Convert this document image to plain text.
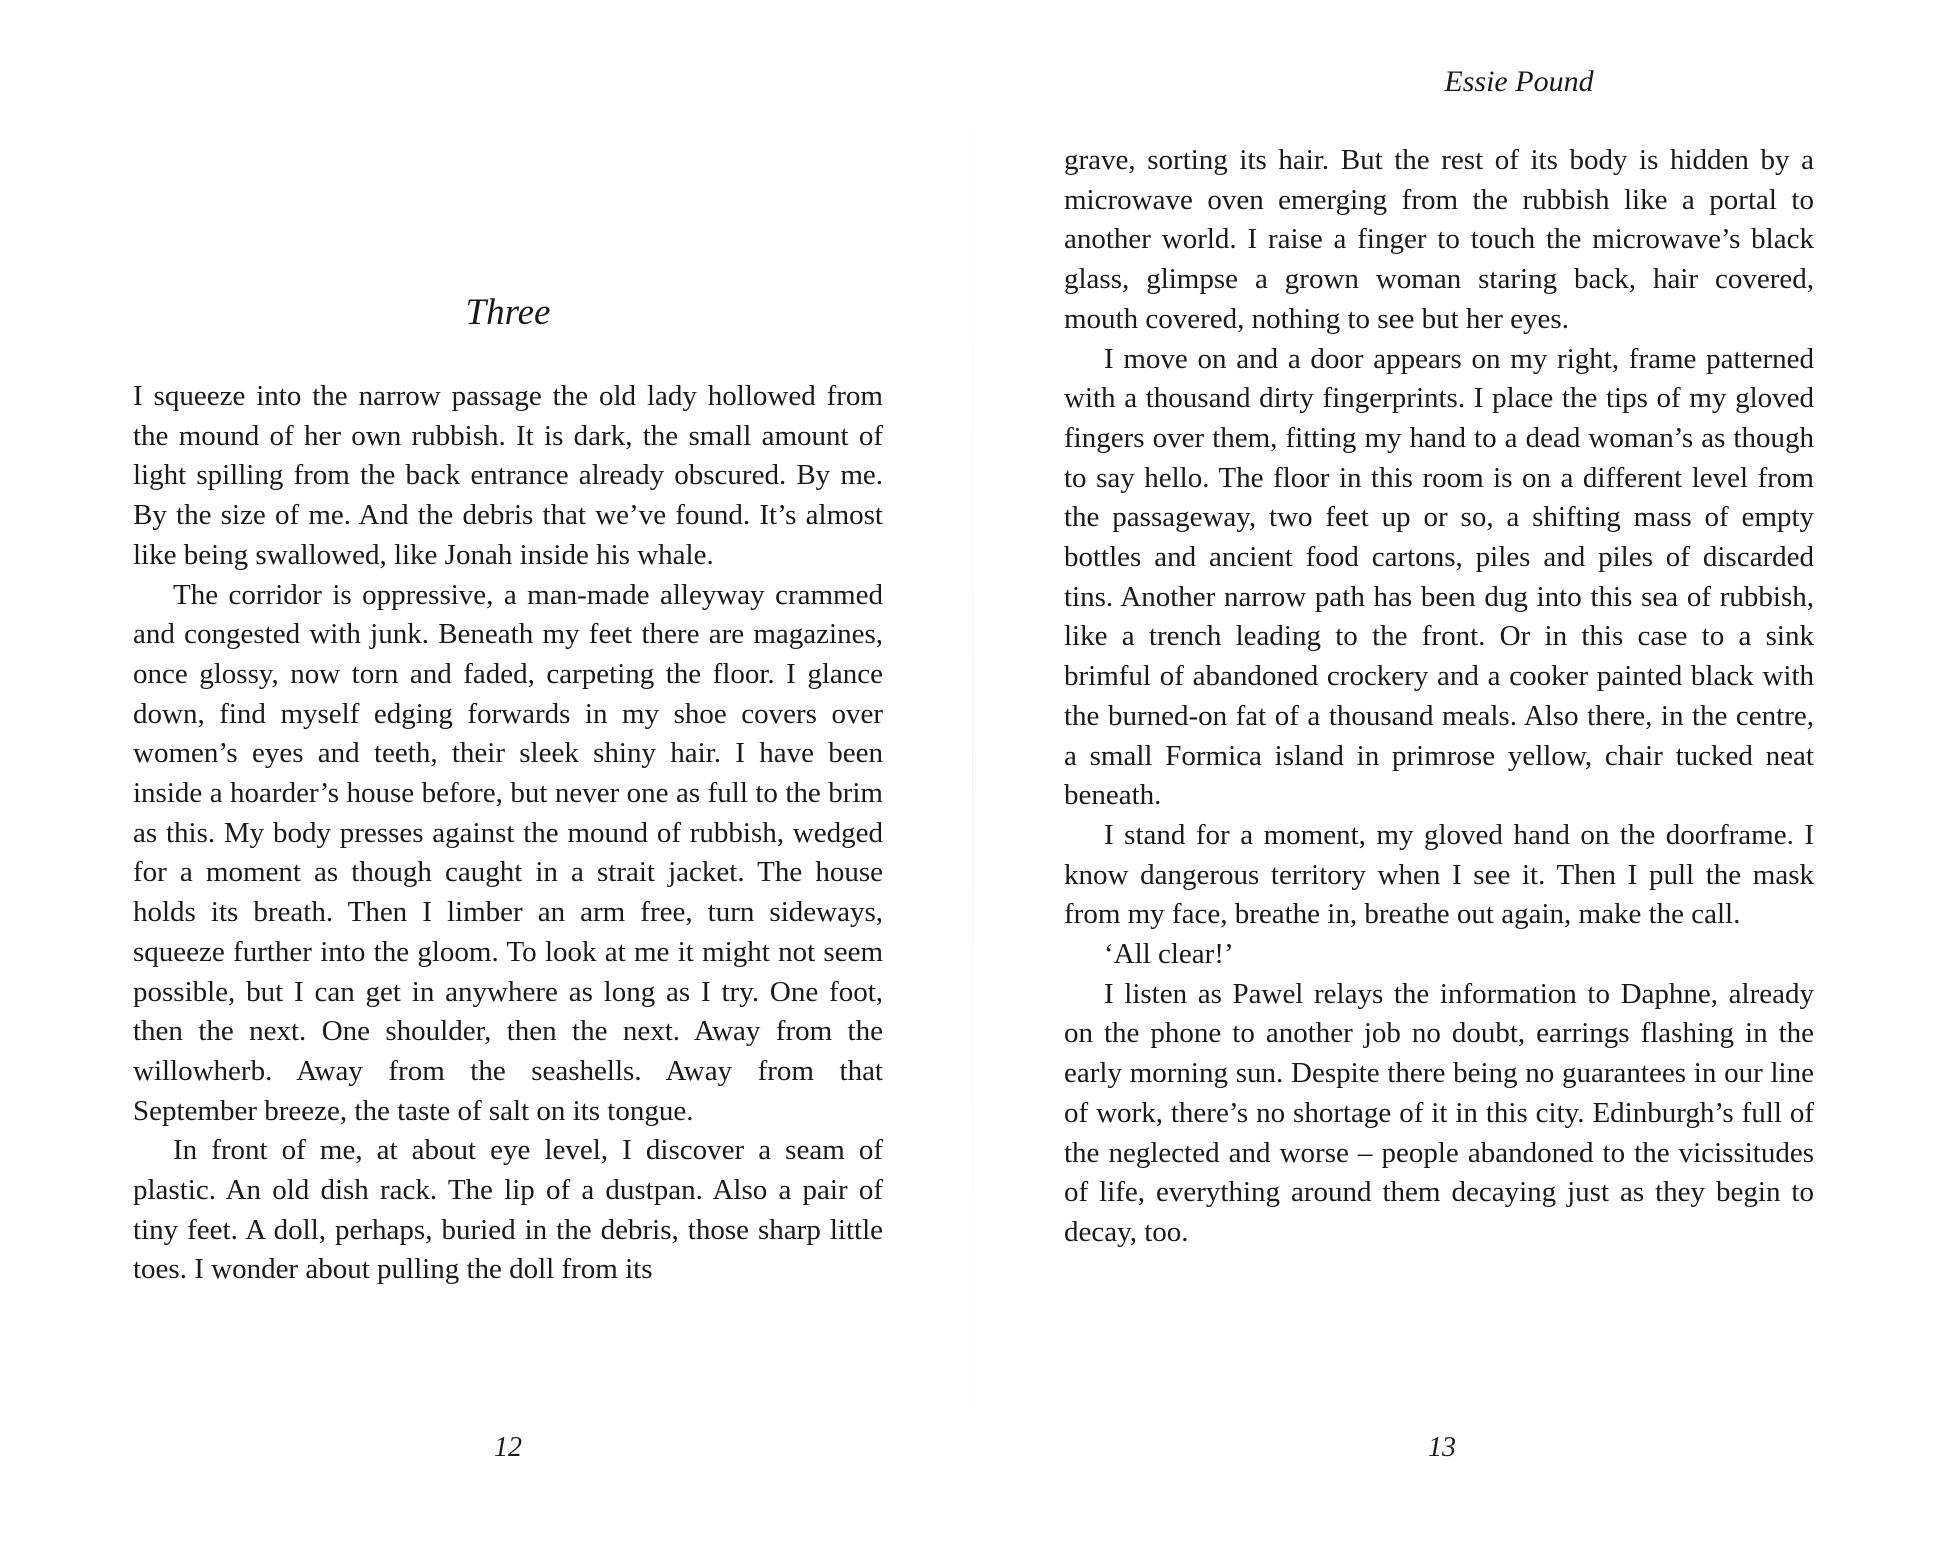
Three

I squeeze into the narrow passage the old lady hollowed from the mound of her own rubbish. It is dark, the small amount of light spilling from the back entrance already obscured. By me. By the size of me. And the debris that we’ve found. It’s almost like being swallowed, like Jonah inside his whale.

The corridor is oppressive, a man-made alleyway crammed and congested with junk. Beneath my feet there are magazines, once glossy, now torn and faded, carpeting the floor. I glance down, find myself edging forwards in my shoe covers over women’s eyes and teeth, their sleek shiny hair. I have been inside a hoarder’s house before, but never one as full to the brim as this. My body presses against the mound of rubbish, wedged for a moment as though caught in a strait jacket. The house holds its breath. Then I limber an arm free, turn sideways, squeeze further into the gloom. To look at me it might not seem possible, but I can get in anywhere as long as I try. One foot, then the next. One shoulder, then the next. Away from the willowherb. Away from the seashells. Away from that September breeze, the taste of salt on its tongue.

In front of me, at about eye level, I discover a seam of plastic. An old dish rack. The lip of a dustpan. Also a pair of tiny feet. A doll, perhaps, buried in the debris, those sharp little toes. I wonder about pulling the doll from its

12
Essie Pound

grave, sorting its hair. But the rest of its body is hidden by a microwave oven emerging from the rubbish like a portal to another world. I raise a finger to touch the microwave’s black glass, glimpse a grown woman staring back, hair covered, mouth covered, nothing to see but her eyes.

I move on and a door appears on my right, frame patterned with a thousand dirty fingerprints. I place the tips of my gloved fingers over them, fitting my hand to a dead woman’s as though to say hello. The floor in this room is on a different level from the passageway, two feet up or so, a shifting mass of empty bottles and ancient food cartons, piles and piles of discarded tins. Another narrow path has been dug into this sea of rubbish, like a trench leading to the front. Or in this case to a sink brimful of abandoned crockery and a cooker painted black with the burned-on fat of a thousand meals. Also there, in the centre, a small Formica island in primrose yellow, chair tucked neat beneath.

I stand for a moment, my gloved hand on the doorframe. I know dangerous territory when I see it. Then I pull the mask from my face, breathe in, breathe out again, make the call.

‘All clear!’

I listen as Pawel relays the information to Daphne, already on the phone to another job no doubt, earrings flashing in the early morning sun. Despite there being no guarantees in our line of work, there’s no shortage of it in this city. Edinburgh’s full of the neglected and worse – people abandoned to the vicissitudes of life, everything around them decaying just as they begin to decay, too.

13
